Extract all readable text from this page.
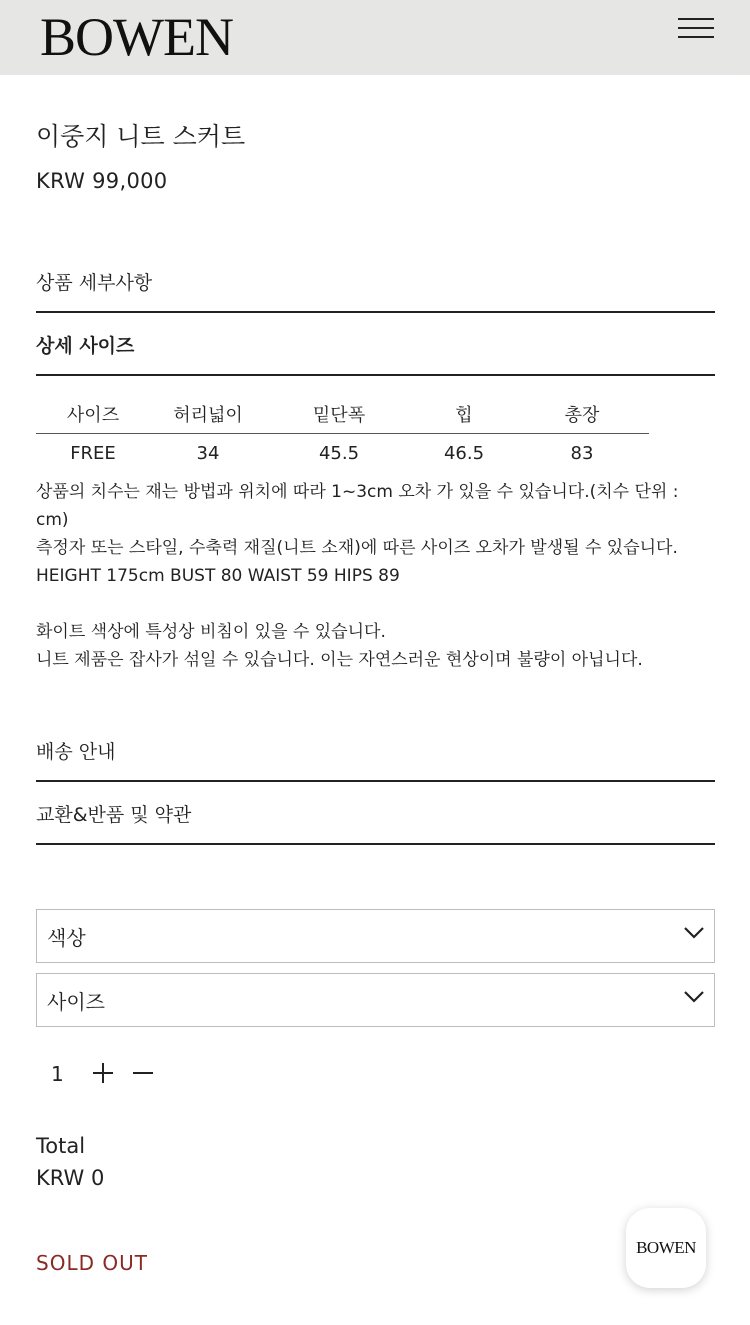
BOWEN
이중지 니트 스커트
KRW 99,000
상품 세부사항
상세 사이즈
사이즈	허리넓이	밑단폭	힙	총장
FREE	34	45.5	46.5	83

상품의 치수는 재는 방법과 위치에 따라 1~3cm 오차 가 있을 수 있습니다.(치수 단위 :

cm)

측정자 또는 스타일, 수축력 재질(니트 소재)에 따른 사이즈 오차가 발생될 수 있습니다.

HEIGHT 175cm BUST 80 WAIST 59 HIPS 89

화이트 색상에 특성상 비침이 있을 수 있습니다.

니트 제품은 잡사가 섞일 수 있습니다. 이는 자연스러운 현상이며 불량이 아닙니다.

배송 안내
교환&반품 및 약관
색상
사이즈
1
Total
KRW 0
SOLD OUT
BOWEN
